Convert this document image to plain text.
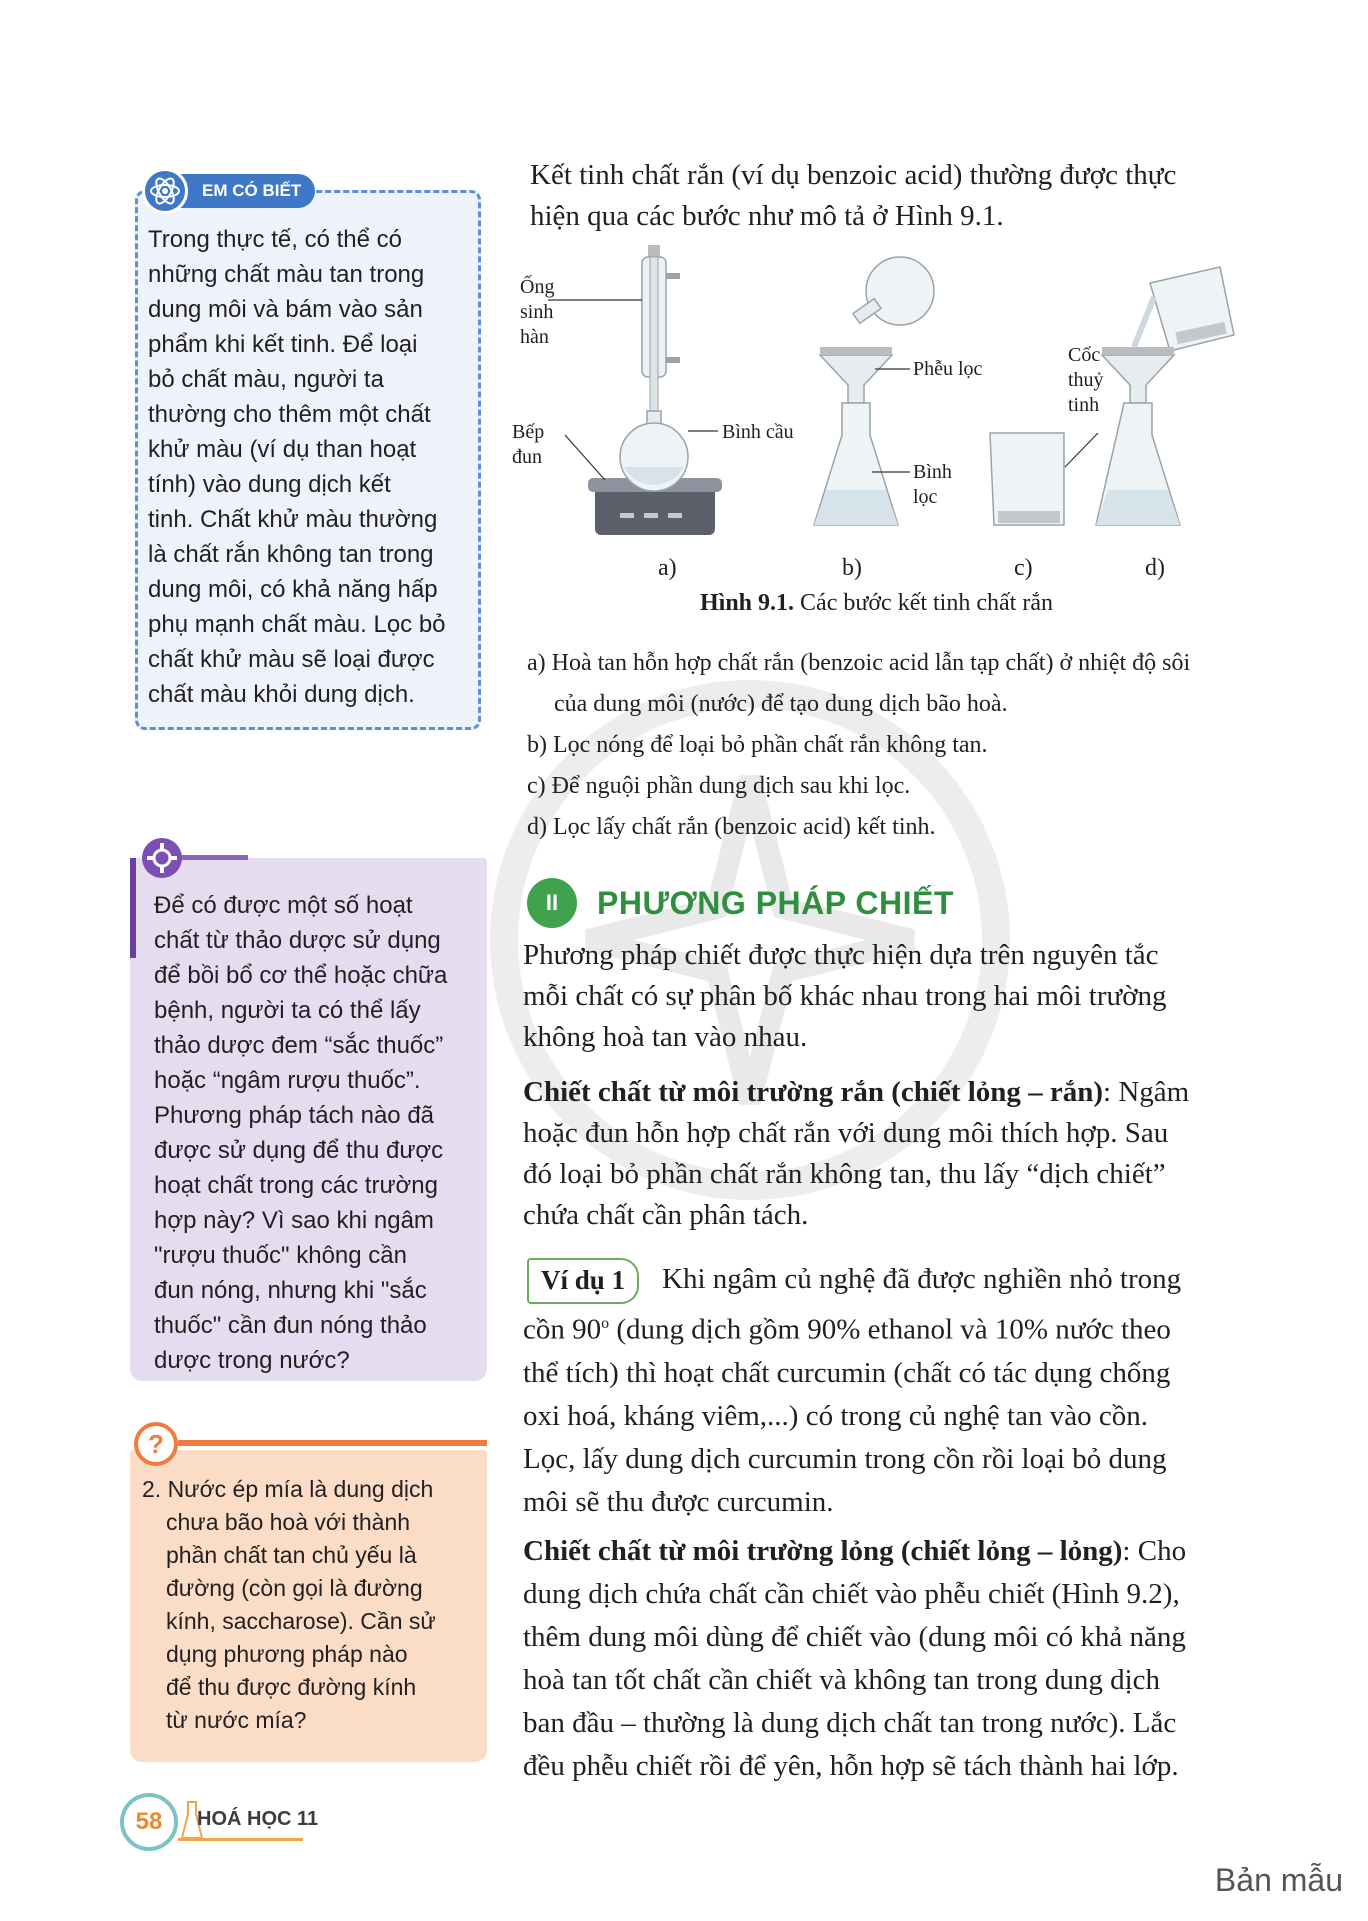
EM CÓ BIẾT
Trong thực tế, có thể có
những chất màu tan trong
dung môi và bám vào sản
phẩm khi kết tinh. Để loại
bỏ chất màu, người ta
thường cho thêm một chất
khử màu (ví dụ than hoạt
tính) vào dung dịch kết
tinh. Chất khử màu thường
là chất rắn không tan trong
dung môi, có khả năng hấp
phụ mạnh chất màu. Lọc bỏ
chất khử màu sẽ loại được
chất màu khỏi dung dịch.
Để có được một số hoạt
chất từ thảo dược sử dụng
để bồi bổ cơ thể hoặc chữa
bệnh, người ta có thể lấy
thảo dược đem “sắc thuốc”
hoặc “ngâm rượu thuốc”.
Phương pháp tách nào đã
được sử dụng để thu được
hoạt chất trong các trường
hợp này? Vì sao khi ngâm
"rượu thuốc" không cần
đun nóng, nhưng khi "sắc
thuốc" cần đun nóng thảo
dược trong nước?
?
2. Nước ép mía là dung dịch
chưa bão hoà với thành
phần chất tan chủ yếu là
đường (còn gọi là đường
kính, saccharose). Cần sử
dụng phương pháp nào
để thu được đường kính
từ nước mía?
Kết tinh chất rắn (ví dụ benzoic acid) thường được thực
hiện qua các bước như mô tả ở Hình 9.1.
Ống
sinh
hàn
Bếp
đun
Bình cầu
Phễu lọc
Bình
lọc
Cốc
thuỷ
tinh
a)	b)	c)	d)
Hình 9.1. Các bước kết tinh chất rắn
a) Hoà tan hỗn hợp chất rắn (benzoic acid lẫn tạp chất) ở nhiệt độ sôi
của dung môi (nước) để tạo dung dịch bão hoà.
b) Lọc nóng để loại bỏ phần chất rắn không tan.
c) Để nguội phần dung dịch sau khi lọc.
d) Lọc lấy chất rắn (benzoic acid) kết tinh.
II	PHƯƠNG PHÁP CHIẾT
Phương pháp chiết được thực hiện dựa trên nguyên tắc
mỗi chất có sự phân bố khác nhau trong hai môi trường
không hoà tan vào nhau.
Chiết chất từ môi trường rắn (chiết lỏng – rắn): Ngâm
hoặc đun hỗn hợp chất rắn với dung môi thích hợp. Sau
đó loại bỏ phần chất rắn không tan, thu lấy “dịch chiết”
chứa chất cần phân tách.
Ví dụ 1	Khi ngâm củ nghệ đã được nghiền nhỏ trong
cồn 90$^o$ (dung dịch gồm 90% ethanol và 10% nước theo
thể tích) thì hoạt chất curcumin (chất có tác dụng chống
oxi hoá, kháng viêm,...) có trong củ nghệ tan vào cồn.
Lọc, lấy dung dịch curcumin trong cồn rồi loại bỏ dung
môi sẽ thu được curcumin.
Chiết chất từ môi trường lỏng (chiết lỏng – lỏng): Cho
dung dịch chứa chất cần chiết vào phễu chiết (Hình 9.2),
thêm dung môi dùng để chiết vào (dung môi có khả năng
hoà tan tốt chất cần chiết và không tan trong dung dịch
ban đầu – thường là dung dịch chất tan trong nước). Lắc
đều phễu chiết rồi để yên, hỗn hợp sẽ tách thành hai lớp.
58	HOÁ HỌC 11
Bản mẫu
